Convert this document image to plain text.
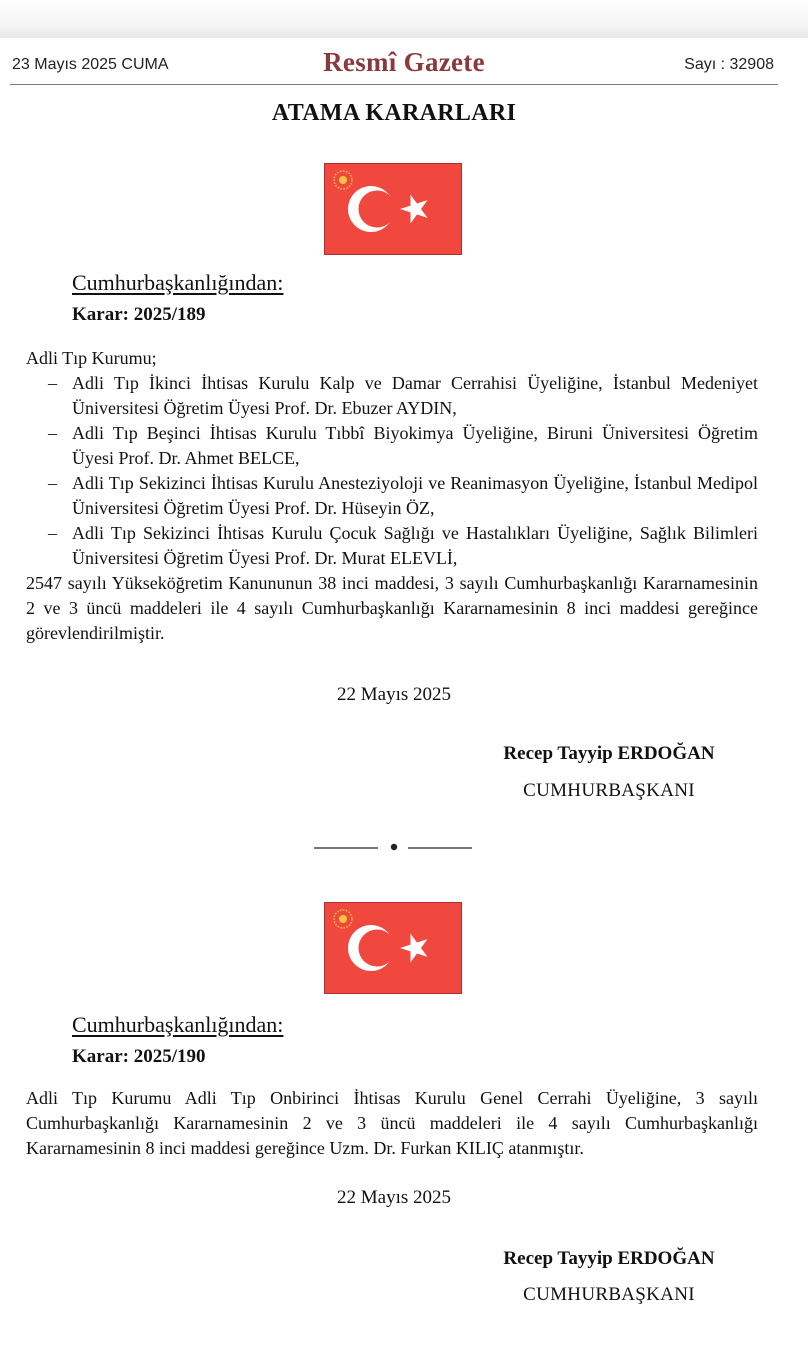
23 Mayıs 2025 CUMA	Resmî Gazete	Sayı : 32908
ATAMA KARARLARI
Cumhurbaşkanlığından:
Karar: 2025/189

Adli Tıp Kurumu;

– Adli Tıp İkinci İhtisas Kurulu Kalp ve Damar Cerrahisi Üyeliğine, İstanbul Medeniyet Üniversitesi Öğretim Üyesi Prof. Dr. Ebuzer AYDIN,
– Adli Tıp Beşinci İhtisas Kurulu Tıbbî Biyokimya Üyeliğine, Biruni Üniversitesi Öğretim Üyesi Prof. Dr. Ahmet BELCE,
– Adli Tıp Sekizinci İhtisas Kurulu Anesteziyoloji ve Reanimasyon Üyeliğine, İstanbul Medipol Üniversitesi Öğretim Üyesi Prof. Dr. Hüseyin ÖZ,
– Adli Tıp Sekizinci İhtisas Kurulu Çocuk Sağlığı ve Hastalıkları Üyeliğine, Sağlık Bilimleri Üniversitesi Öğretim Üyesi Prof. Dr. Murat ELEVLİ,

2547 sayılı Yükseköğretim Kanununun 38 inci maddesi, 3 sayılı Cumhurbaşkanlığı Kararnamesinin 2 ve 3 üncü maddeleri ile 4 sayılı Cumhurbaşkanlığı Kararnamesinin 8 inci maddesi gereğince görevlendirilmiştir.

22 Mayıs 2025
Recep Tayyip ERDOĞAN
CUMHURBAŞKANI
Cumhurbaşkanlığından:
Karar: 2025/190

Adli Tıp Kurumu Adli Tıp Onbirinci İhtisas Kurulu Genel Cerrahi Üyeliğine, 3 sayılı Cumhurbaşkanlığı Kararnamesinin 2 ve 3 üncü maddeleri ile 4 sayılı Cumhurbaşkanlığı Kararnamesinin 8 inci maddesi gereğince Uzm. Dr. Furkan KILIÇ atanmıştır.

22 Mayıs 2025
Recep Tayyip ERDOĞAN
CUMHURBAŞKANI
